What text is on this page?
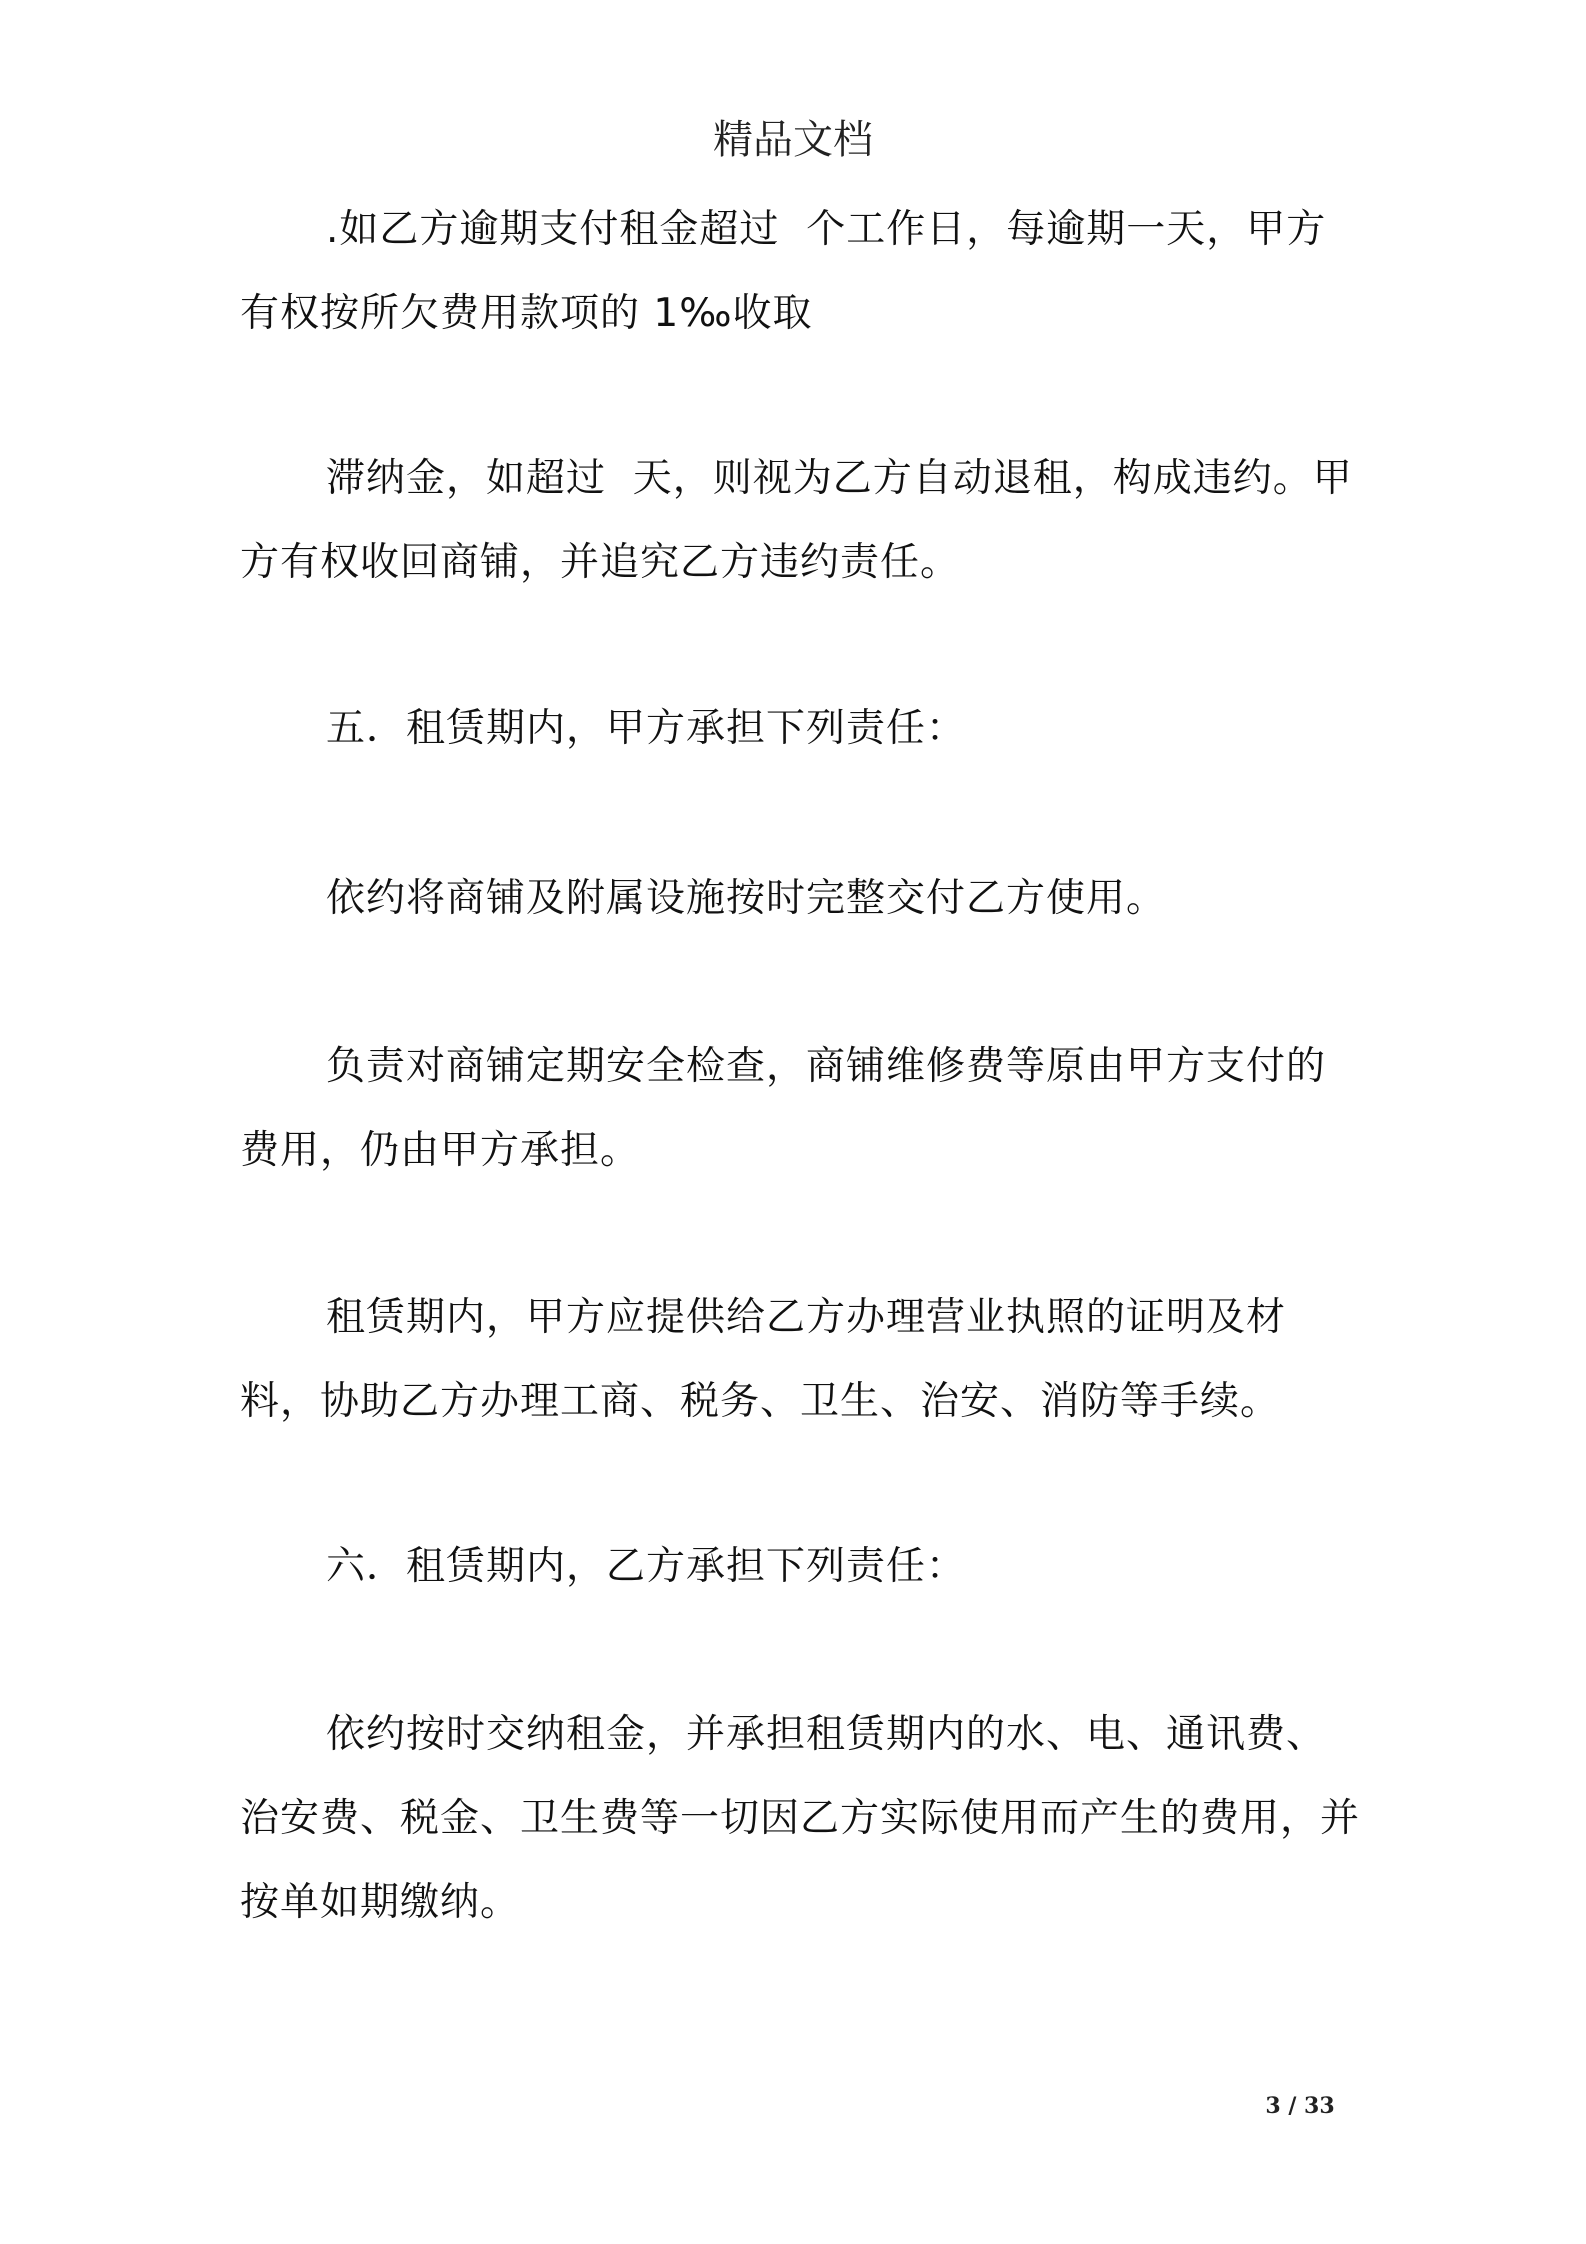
精品文档

.如乙方逾期支付租金超过  个工作日，每逾期一天，甲方有权按所欠费用款项的 1‰收取

滞纳金，如超过  天，则视为乙方自动退租，构成违约。甲方有权收回商铺，并追究乙方违约责任。

五．租赁期内，甲方承担下列责任：

依约将商铺及附属设施按时完整交付乙方使用。

负责对商铺定期安全检查，商铺维修费等原由甲方支付的费用，仍由甲方承担。

租赁期内，甲方应提供给乙方办理营业执照的证明及材料，协助乙方办理工商、税务、卫生、治安、消防等手续。

六．租赁期内，乙方承担下列责任：

依约按时交纳租金，并承担租赁期内的水、电、通讯费、治安费、税金、卫生费等一切因乙方实际使用而产生的费用，并按单如期缴纳。

3 / 33
